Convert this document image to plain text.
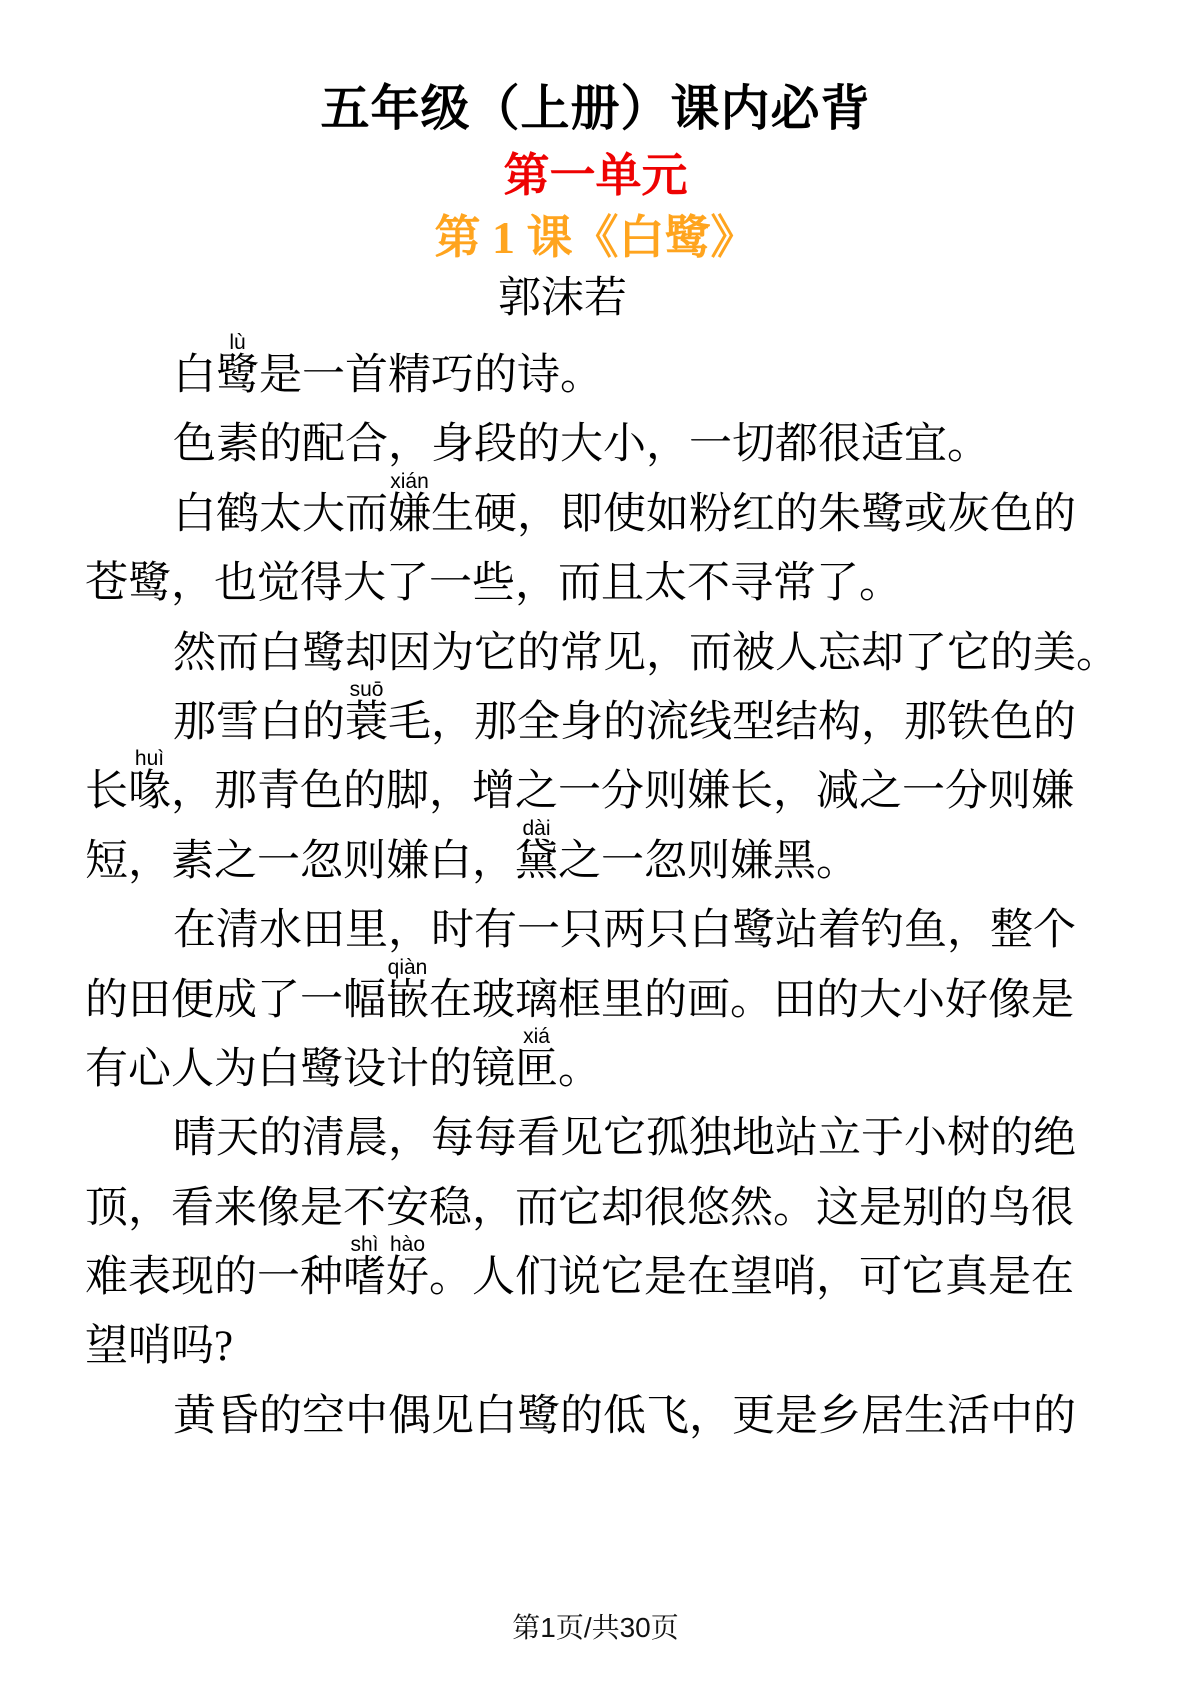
五年级（上册）课内必背
第一单元
第 1 课《白鹭》
郭沫若
白鹭
lù
是一首精巧的诗。
色素的配合，身段的大小，一切都很适宜。
白鹤太大而嫌
xián
生硬，即使如粉红的朱鹭或灰色的
苍鹭，也觉得大了一些，而且太不寻常了。
然而白鹭却因为它的常见，而被人忘却了它的美。
那雪白的蓑
suō
毛，那全身的流线型结构，那铁色的
长喙
huì
，那青色的脚，增之一分则嫌长，减之一分则嫌
短，素之一忽则嫌白，黛
dài
之一忽则嫌黑。
在清水田里，时有一只两只白鹭站着钓鱼，整个
的田便成了一幅嵌
qiàn
在玻璃框里的画。田的大小好像是
有心人为白鹭设计的镜匣
xiá
。
晴天的清晨，每每看见它孤独地站立于小树的绝
顶，看来像是不安稳，而它却很悠然。这是别的鸟很
难表现的一种嗜
shì
好
hào
。人们说它是在望哨，可它真是在
望哨吗?
黄昏的空中偶见白鹭的低飞，更是乡居生活中的
第1页/共30页
